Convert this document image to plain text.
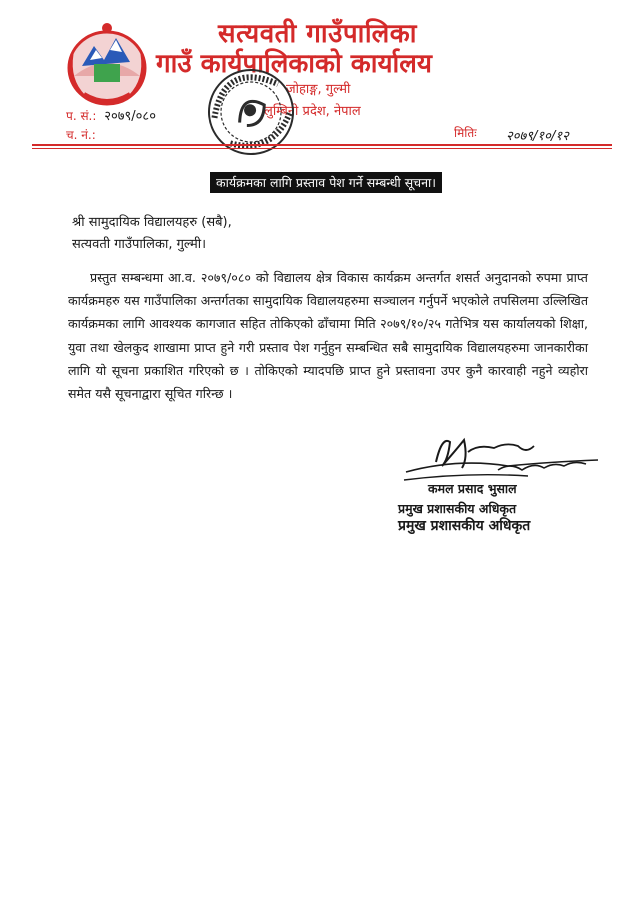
सत्यवती गाउँपालिका
गाउँ कार्यपालिकाको कार्यालय
जोहाङ्ग, गुल्मी
लुम्बिनी प्रदेश, नेपाल
प. सं.: २०७९/०८०
च. नं.:	मितिः २०७९/१०/१२
कार्यक्रमका लागि प्रस्ताव पेश गर्ने सम्बन्धी सूचना।
श्री सामुदायिक विद्यालयहरु (सबै),
सत्यवती गाउँपालिका, गुल्मी।

प्रस्तुत सम्बन्धमा आ.व. २०७९/०८० को विद्यालय क्षेत्र विकास कार्यक्रम अन्तर्गत शसर्त अनुदानको रुपमा प्राप्त कार्यक्रमहरु यस गाउँपालिका अन्तर्गतका सामुदायिक विद्यालयहरुमा सञ्चालन गर्नुपर्ने भएकोले तपसिलमा उल्लिखित कार्यक्रमका लागि आवश्यक कागजात सहित तोकिएको ढाँचामा मिति २०७९/१०/२५ गतेभित्र यस कार्यालयको शिक्षा, युवा तथा खेलकुद शाखामा प्राप्त हुने गरी प्रस्ताव पेश गर्नुहुन सम्बन्धित सबै सामुदायिक विद्यालयहरुमा जानकारीका लागि यो सूचना प्रकाशित गरिएको छ । तोकिएको म्यादपछि प्राप्त हुने प्रस्तावना उपर कुनै कारवाही नहुने व्यहोरा समेत यसै सूचनाद्वारा सूचित गरिन्छ ।

कमल प्रसाद भुसाल
प्रमुख प्रशासकीय अधिकृत
प्रमुख प्रशासकीय अधिकृत
